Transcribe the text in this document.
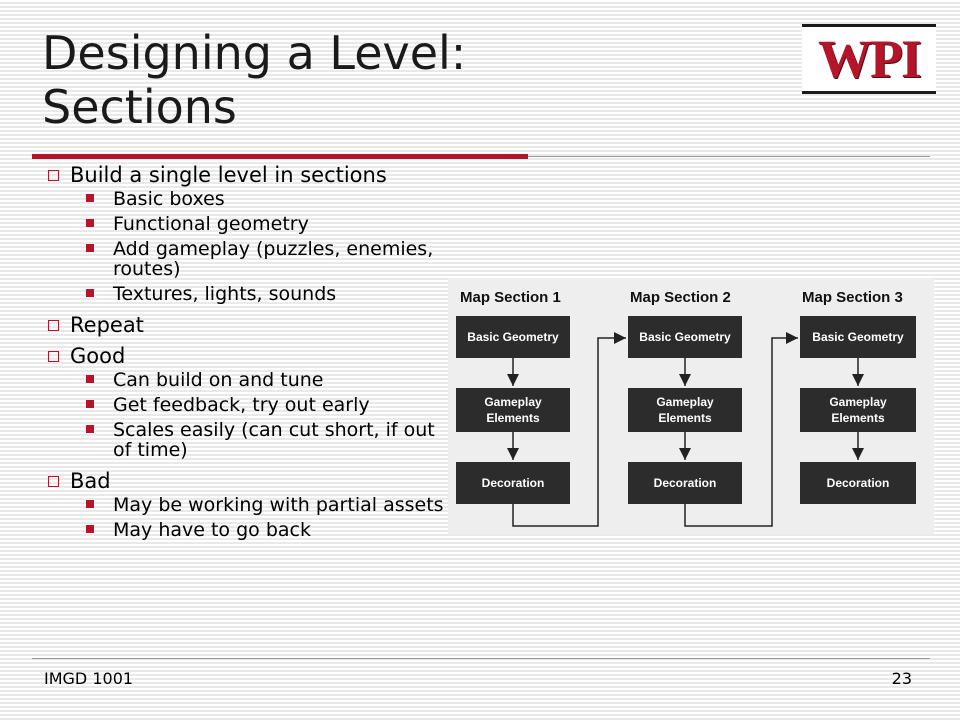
Designing a Level:
Sections
WPI
Build a single level in sections
Basic boxes
Functional geometry
Add gameplay (puzzles, enemies, routes)
Textures, lights, sounds
Repeat
Good
Can build on and tune
Get feedback, try out early
Scales easily (can cut short, if out of time)
Bad
May be working with partial assets
May have to go back
Map Section 1
Basic Geometry
Gameplay Elements
Decoration
Map Section 2
Basic Geometry
Gameplay Elements
Decoration
Map Section 3
Basic Geometry
Gameplay Elements
Decoration
IMGD 1001	23
